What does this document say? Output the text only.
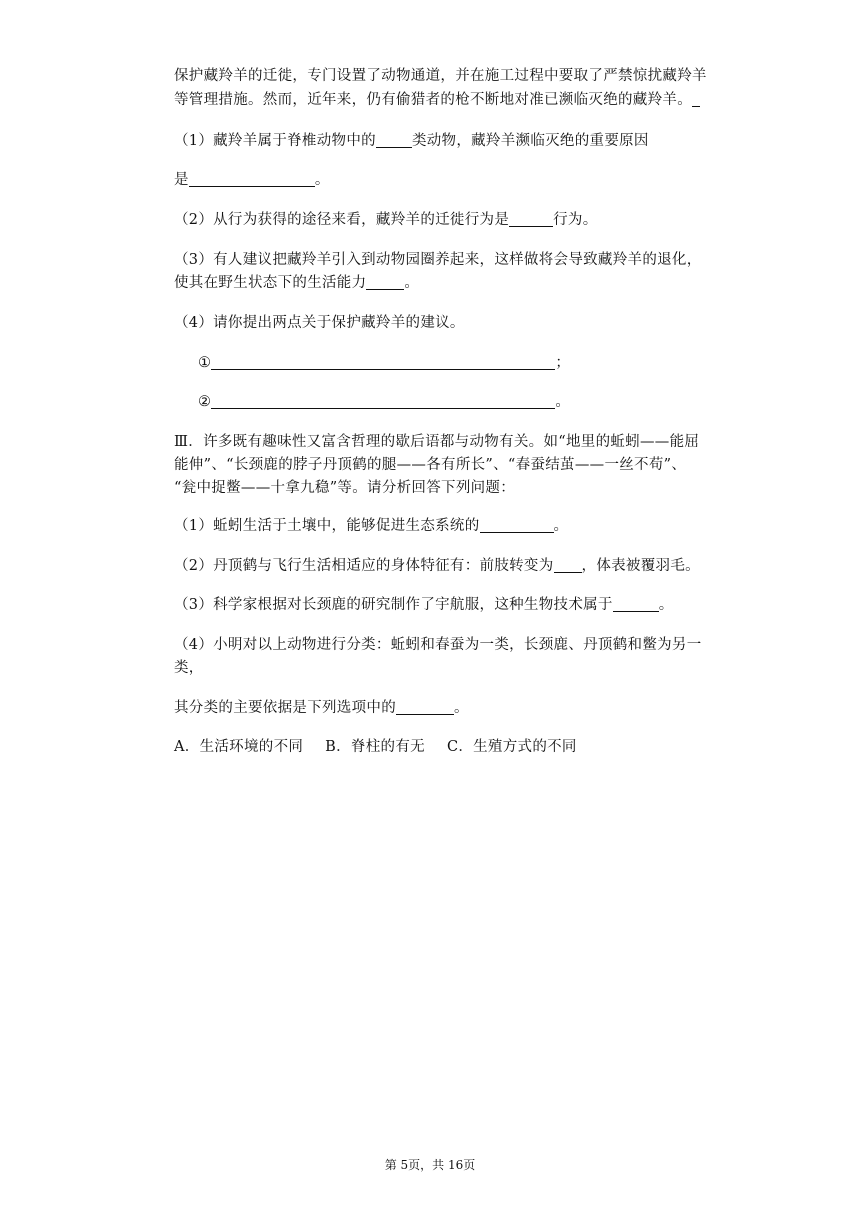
保护藏羚羊的迁徙，专门设置了动物通道，并在施工过程中要取了严禁惊扰藏羚羊
等管理措施。然而，近年来，仍有偷猎者的枪不断地对准已濒临灭绝的藏羚羊。
（1）藏羚羊属于脊椎动物中的 类动物，藏羚羊濒临灭绝的重要原因
是	。
（2）从行为获得的途径来看，藏羚羊的迁徙行为是	行为。
（3）有人建议把藏羚羊引入到动物园圈养起来，这样做将会导致藏羚羊的退化，
使其在野生状态下的生活能力	。
（4）请你提出两点关于保护藏羚羊的建议。
①	；
②	。
Ⅲ．许多既有趣味性又富含哲理的歇后语都与动物有关。如“地里的蚯蚓——能屈
能伸”、“长颈鹿的脖子丹顶鹤的腿——各有所长”、“春蚕结茧——一丝不苟”、
“瓮中捉鳖——十拿九稳”等。请分析回答下列问题：
（1）蚯蚓生活于土壤中，能够促进生态系统的	。
（2）丹顶鹤与飞行生活相适应的身体特征有：前肢转变为 ，体表被覆羽毛。
（3）科学家根据对长颈鹿的研究制作了宇航服，这种生物技术属于	。
（4）小明对以上动物进行分类：蚯蚓和春蚕为一类，长颈鹿、丹顶鹤和鳖为另一
类，
其分类的主要依据是下列选项中的	。
A．生活环境的不同 B．脊柱的有无 C．生殖方式的不同
第 5页，共 16页
